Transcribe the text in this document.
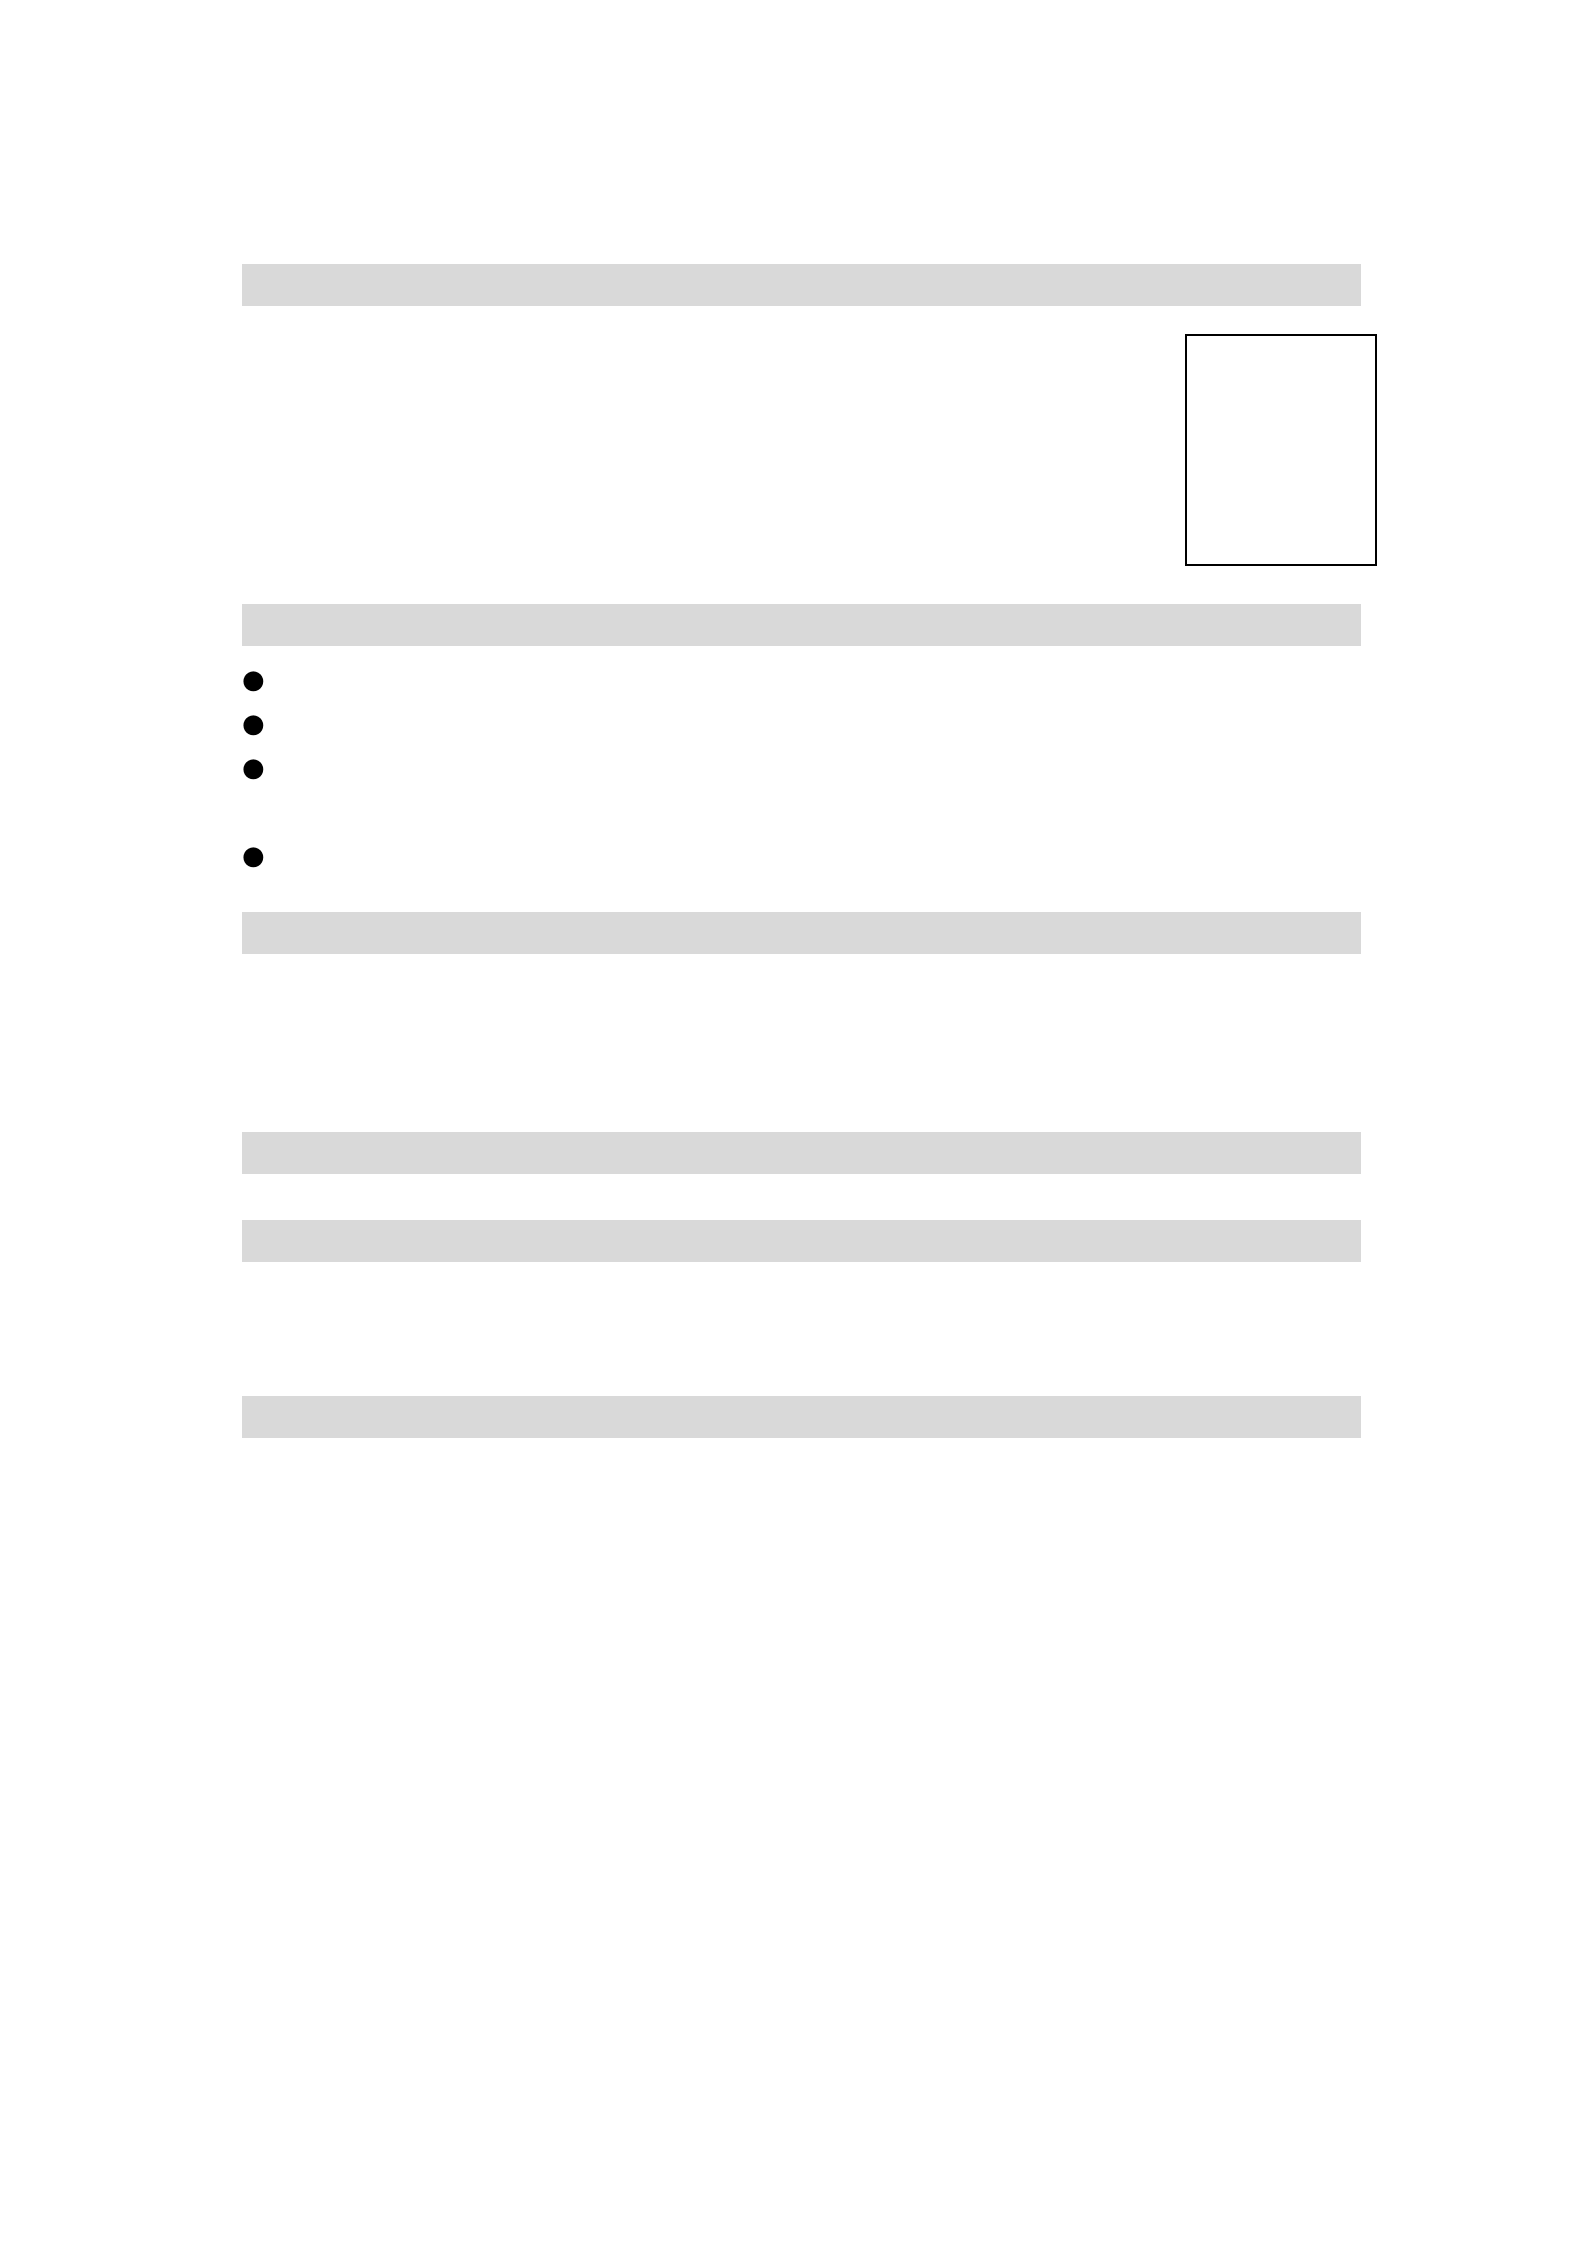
●
●
●
●
